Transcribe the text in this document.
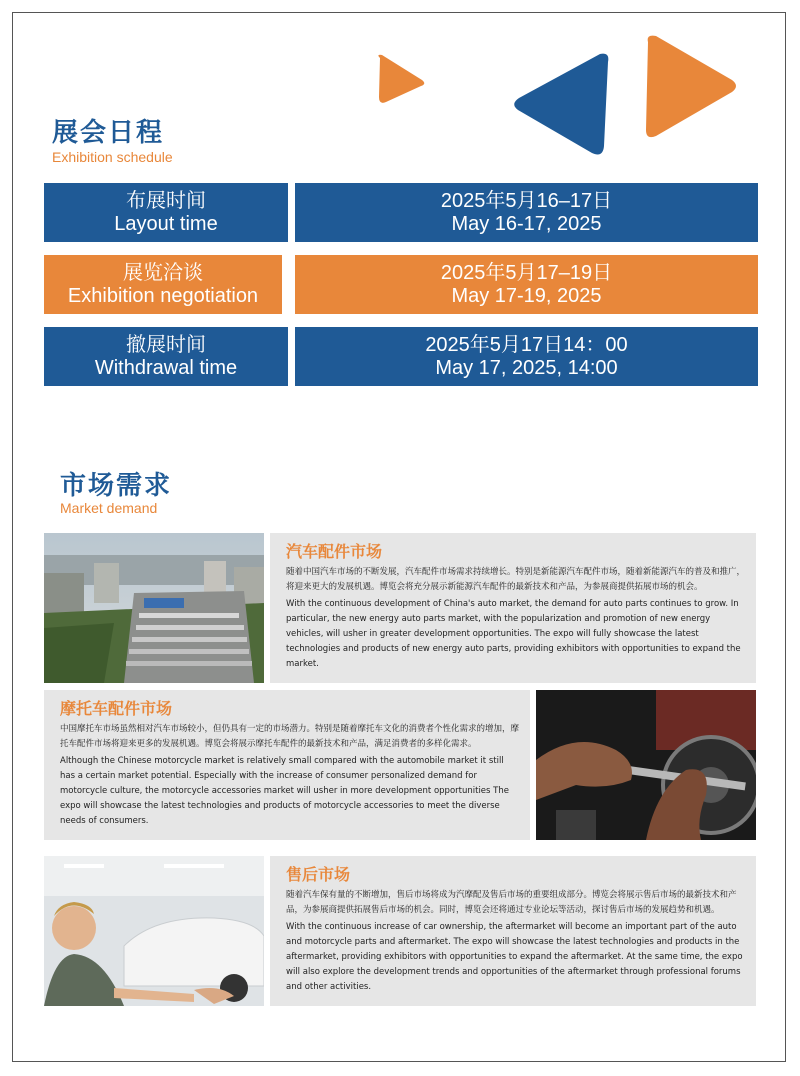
展会日程
Exhibition schedule
布展时间
Layout time
2025年5月16–17日
May 16-17, 2025
展览洽谈
Exhibition negotiation
2025年5月17–19日
May 17-19, 2025
撤展时间
Withdrawal time
2025年5月17日14：00
May 17, 2025, 14:00
市场需求
Market demand
汽车配件市场
随着中国汽车市场的不断发展，汽车配件市场需求持续增长。特别是新能源汽车配件市场，随着新能源汽车的普及和推广，将迎来更大的发展机遇。博览会将充分展示新能源汽车配件的最新技术和产品，为参展商提供拓展市场的机会。
With the continuous development of China's auto market, the demand for auto parts continues to grow. In particular, the new energy auto parts market, with the popularization and promotion of new energy vehicles, will usher in greater development opportunities. The expo will fully showcase the latest technologies and products of new energy auto parts, providing exhibitors with opportunities to expand the market.
摩托车配件市场
中国摩托车市场虽然相对汽车市场较小，但仍具有一定的市场潜力。特别是随着摩托车文化的消费者个性化需求的增加，摩托车配件市场将迎来更多的发展机遇。博览会将展示摩托车配件的最新技术和产品，满足消费者的多样化需求。
Although the Chinese motorcycle market is relatively small compared with the automobile market it still has a certain market potential. Especially with the increase of consumer personalized demand for motorcycle culture, the motorcycle accessories market will usher in more development opportunities The expo will showcase the latest technologies and products of motorcycle accessories to meet the diverse needs of consumers.
售后市场
随着汽车保有量的不断增加，售后市场将成为汽摩配及售后市场的重要组成部分。博览会将展示售后市场的最新技术和产品，为参展商提供拓展售后市场的机会。同时，博览会还将通过专业论坛等活动，探讨售后市场的发展趋势和机遇。
With the continuous increase of car ownership, the aftermarket will become an important part of the auto and motorcycle parts and aftermarket. The expo will showcase the latest technologies and products in the aftermarket, providing exhibitors with opportunities to expand the aftermarket. At the same time, the expo will also explore the development trends and opportunities of the aftermarket through professional forums and other activities.
